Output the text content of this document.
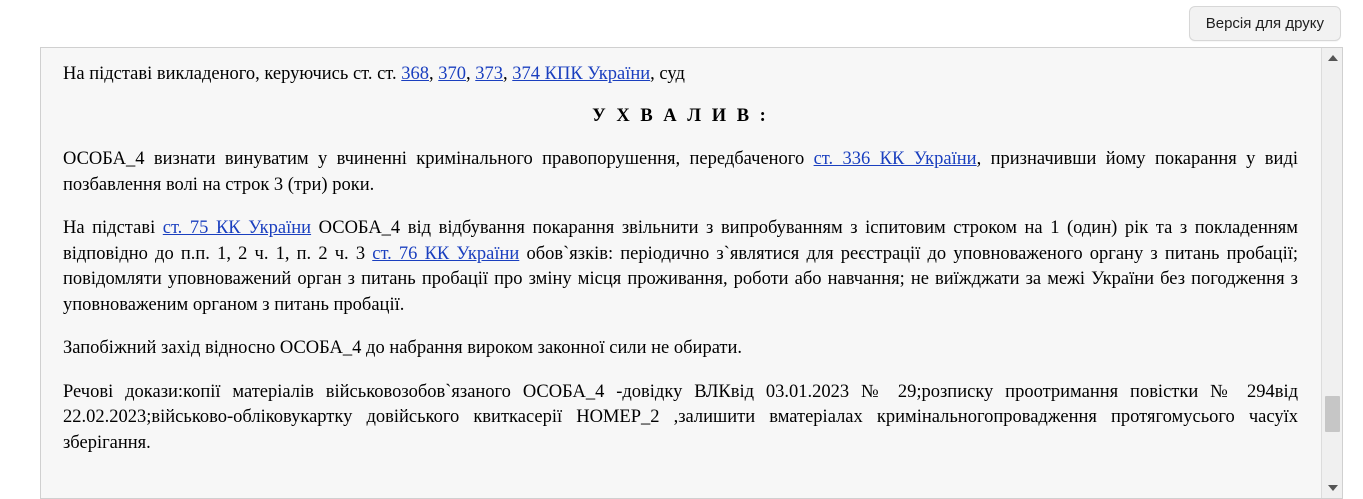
Версія для друку

На підставі викладеного, керуючись ст. ст. 368, 370, 373, 374 КПК України, суд

У Х В А Л И В :

ОСОБА_4 визнати винуватим у вчиненні кримінального правопорушення, передбаченого ст. 336 КК України, призначивши йому покарання у виді позбавлення волі на строк 3 (три) роки.

На підставі ст. 75 КК України ОСОБА_4 від відбування покарання звільнити з випробуванням з іспитовим строком на 1 (один) рік та з покладенням відповідно до п.п. 1, 2 ч. 1, п. 2 ч. 3 ст. 76 КК України обов`язків: періодично з`являтися для реєстрації до уповноваженого органу з питань пробації; повідомляти уповноважений орган з питань пробації про зміну місця проживання, роботи або навчання; не виїжджати за межі України без погодження з уповноваженим органом з питань пробації.

Запобіжний захід відносно ОСОБА_4 до набрання вироком законної сили не обирати.

Речові докази:копії матеріалів військовозобов`язаного ОСОБА_4 -довідку ВЛКвід 03.01.2023 № 29;розписку проотримання повістки № 294від 22.02.2023;військово-обліковукартку довійського квиткасерії НОМЕР_2 ,залишити вматеріалах кримінальногопровадження протягомусього часуїх зберігання.
